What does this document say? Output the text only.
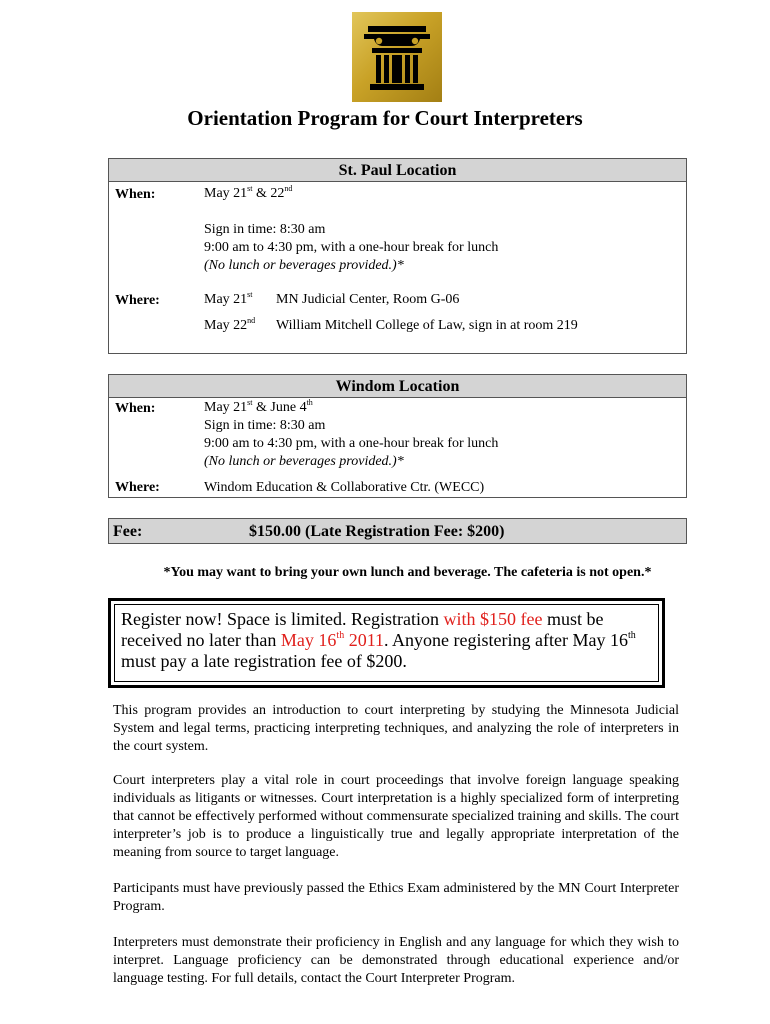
Orientation Program for Court Interpreters
St. Paul Location
When:	May 21st & 22nd
Sign in time: 8:30 am
9:00 am to 4:30 pm, with a one-hour break for lunch
(No lunch or beverages provided.)*
Where:	May 21st MN Judicial Center, Room G-06
May 22nd William Mitchell College of Law, sign in at room 219
Windom Location
When:	May 21st & June 4th
Sign in time: 8:30 am
9:00 am to 4:30 pm, with a one-hour break for lunch
(No lunch or beverages provided.)*
Where:	Windom Education & Collaborative Ctr. (WECC)
Fee:	$150.00 (Late Registration Fee: $200)
*You may want to bring your own lunch and beverage. The cafeteria is not open.*
Register now! Space is limited. Registration with $150 fee must be received no later than May 16th 2011. Anyone registering after May 16th must pay a late registration fee of $200.

This program provides an introduction to court interpreting by studying the Minnesota Judicial System and legal terms, practicing interpreting techniques, and analyzing the role of interpreters in the court system.

Court interpreters play a vital role in court proceedings that involve foreign language speaking individuals as litigants or witnesses. Court interpretation is a highly specialized form of interpreting that cannot be effectively performed without commensurate specialized training and skills. The court interpreter’s job is to produce a linguistically true and legally appropriate interpretation of the meaning from source to target language.

Participants must have previously passed the Ethics Exam administered by the MN Court Interpreter Program.

Interpreters must demonstrate their proficiency in English and any language for which they wish to interpret. Language proficiency can be demonstrated through educational experience and/or language testing. For full details, contact the Court Interpreter Program.
